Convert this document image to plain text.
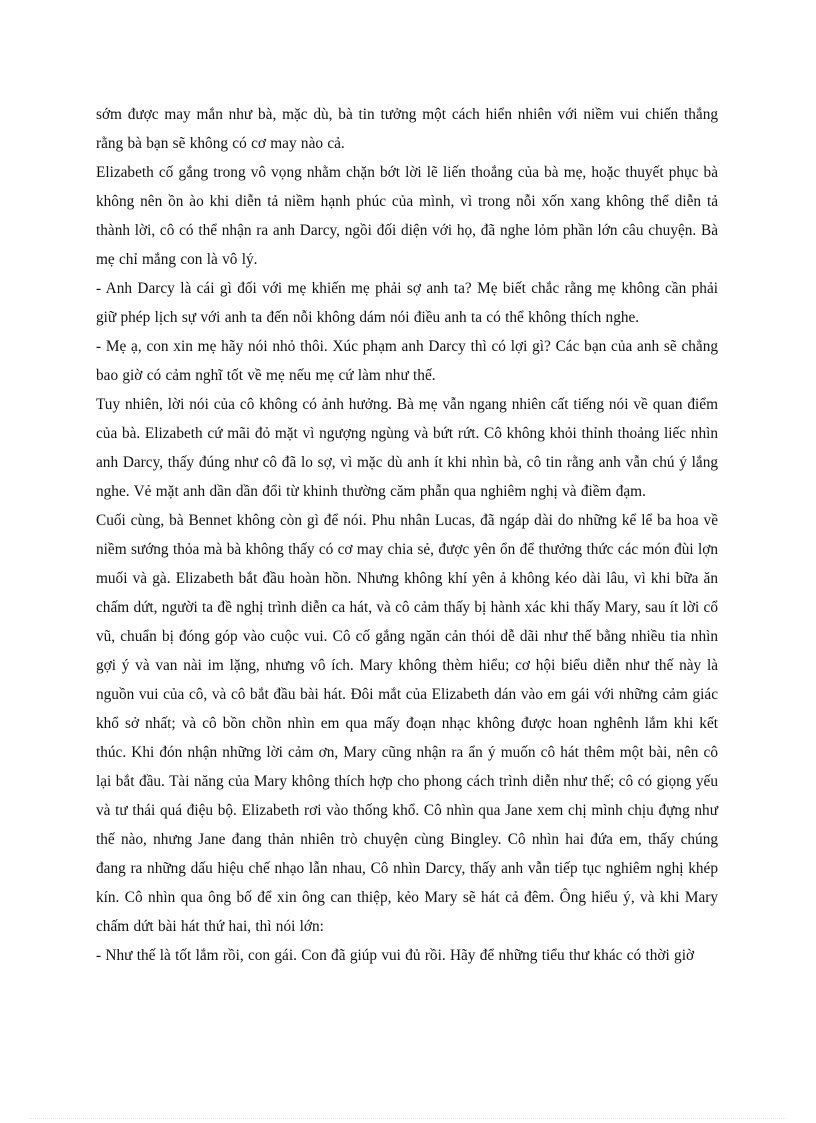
sớm được may mắn như bà, mặc dù, bà tin tưởng một cách hiển nhiên với niềm vui chiến thắng rằng bà bạn sẽ không có cơ may nào cả.

Elizabeth cố gắng trong vô vọng nhằm chặn bớt lời lẽ liến thoắng của bà mẹ, hoặc thuyết phục bà không nên ồn ào khi diễn tả niềm hạnh phúc của mình, vì trong nỗi xốn xang không thể diễn tả thành lời, cô có thể nhận ra anh Darcy, ngồi đối diện với họ, đã nghe lỏm phần lớn câu chuyện. Bà mẹ chỉ mắng con là vô lý.

- Anh Darcy là cái gì đối với mẹ khiến mẹ phải sợ anh ta? Mẹ biết chắc rằng mẹ không cần phải giữ phép lịch sự với anh ta đến nỗi không dám nói điều anh ta có thể không thích nghe.

- Mẹ ạ, con xin mẹ hãy nói nhỏ thôi. Xúc phạm anh Darcy thì có lợi gì? Các bạn của anh sẽ chẳng bao giờ có cảm nghĩ tốt về mẹ nếu mẹ cứ làm như thế.

Tuy nhiên, lời nói của cô không có ảnh hưởng. Bà mẹ vẫn ngang nhiên cất tiếng nói về quan điểm của bà. Elizabeth cứ mãi đỏ mặt vì ngượng ngùng và bứt rứt. Cô không khỏi thỉnh thoảng liếc nhìn anh Darcy, thấy đúng như cô đã lo sợ, vì mặc dù anh ít khi nhìn bà, cô tin rằng anh vẫn chú ý lắng nghe. Vẻ mặt anh dần dần đổi từ khinh thường căm phẫn qua nghiêm nghị và điềm đạm.

Cuối cùng, bà Bennet không còn gì để nói. Phu nhân Lucas, đã ngáp dài do những kể lể ba hoa về niềm sướng thỏa mà bà không thấy có cơ may chia sẻ, được yên ổn để thưởng thức các món đùi lợn muối và gà. Elizabeth bắt đầu hoàn hồn. Nhưng không khí yên ả không kéo dài lâu, vì khi bữa ăn chấm dứt, người ta đề nghị trình diễn ca hát, và cô cảm thấy bị hành xác khi thấy Mary, sau ít lời cổ vũ, chuẩn bị đóng góp vào cuộc vui. Cô cố gắng ngăn cản thói dễ dãi như thế bằng nhiều tia nhìn gợi ý và van nài im lặng, nhưng vô ích. Mary không thèm hiểu; cơ hội biểu diễn như thế này là nguồn vui của cô, và cô bắt đầu bài hát. Đôi mắt của Elizabeth dán vào em gái với những cảm giác khổ sở nhất; và cô bồn chồn nhìn em qua mấy đoạn nhạc không được hoan nghênh lắm khi kết thúc. Khi đón nhận những lời cảm ơn, Mary cũng nhận ra ẩn ý muốn cô hát thêm một bài, nên cô lại bắt đầu. Tài năng của Mary không thích hợp cho phong cách trình diễn như thế; cô có giọng yếu và tư thái quá điệu bộ. Elizabeth rơi vào thống khổ. Cô nhìn qua Jane xem chị mình chịu đựng như thế nào, nhưng Jane đang thản nhiên trò chuyện cùng Bingley. Cô nhìn hai đứa em, thấy chúng đang ra những dấu hiệu chế nhạo lẫn nhau, Cô nhìn Darcy, thấy anh vẫn tiếp tục nghiêm nghị khép kín. Cô nhìn qua ông bố để xin ông can thiệp, kẻo Mary sẽ hát cả đêm. Ông hiểu ý, và khi Mary chấm dứt bài hát thứ hai, thì nói lớn:

- Như thế là tốt lắm rồi, con gái. Con đã giúp vui đủ rồi. Hãy để những tiểu thư khác có thời giờ
